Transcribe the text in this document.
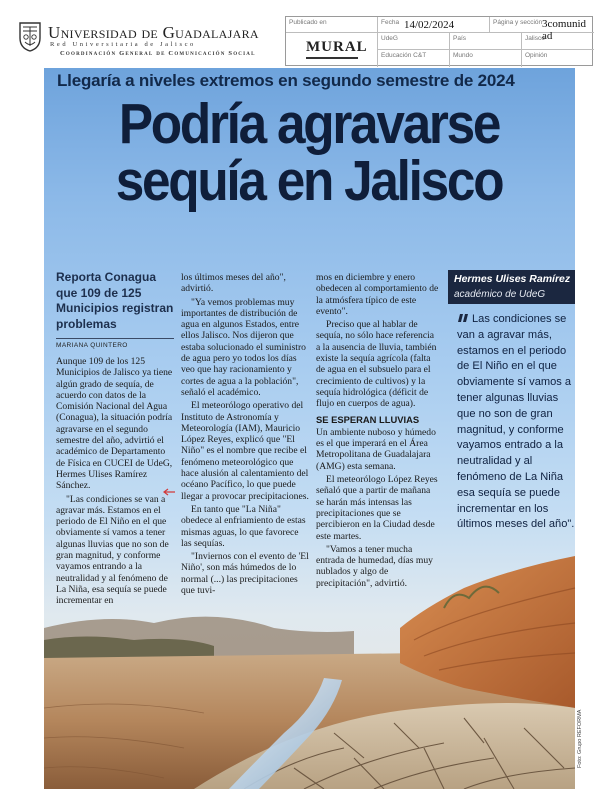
Universidad de Guadalajara
Red Universitaria de Jalisco
Coordinación General de Comunicación Social
Publicado en	Fecha	Página y sección
UdeG	País	Jalisco
Educación C&T	Mundo	Opinión
MURAL
14/02/2024	3comunid
ad
Llegaría a niveles extremos en segundo semestre de 2024
Podría agravarse
sequía en Jalisco
Reporta Conagua que 109 de 125 Municipios registran problemas
MARIANA QUINTERO

Aunque 109 de los 125 Municipios de Jalisco ya tiene algún grado de sequía, de acuerdo con datos de la Comisión Nacional del Agua (Conagua), la situación podría agravarse en el segundo semestre del año, advirtió el académico de Departamento de Física en CUCEI de UdeG, Hermes Ulises Ramírez Sánchez.

"Las condiciones se van a agravar más. Estamos en el periodo de El Niño en el que obviamente sí vamos a tener algunas lluvias que no son de gran magnitud, y conforme vayamos entrando a la neutralidad y al fenómeno de La Niña, esa sequía se puede incrementar en

los últimos meses del año", advirtió.

"Ya vemos problemas muy importantes de distribución de agua en algunos Estados, entre ellos Jalisco. Nos dijeron que estaba solucionado el suministro de agua pero yo todos los días veo que hay racionamiento y cortes de agua a la población", señaló el académico.

El meteorólogo operativo del Instituto de Astronomía y Meteorología (IAM), Mauricio López Reyes, explicó que "El Niño" es el nombre que recibe el fenómeno meteorológico que hace alusión al calentamiento del océano Pacífico, lo que puede llegar a provocar precipitaciones.

En tanto que "La Niña" obedece al enfriamiento de estas mismas aguas, lo que favorece las sequías.

"Inviernos con el evento de 'El Niño', son más húmedos de lo normal (...) las precipitaciones que tuvi-

mos en diciembre y enero obedecen al comportamiento de la atmósfera típico de este evento".

Preciso que al hablar de sequía, no sólo hace referencia a la ausencia de lluvia, también existe la sequía agrícola (falta de agua en el subsuelo para el crecimiento de cultivos) y la sequía hidrológica (déficit de flujo en cuerpos de agua).

SE ESPERAN LLUVIAS

Un ambiente nuboso y húmedo es el que imperará en el Área Metropolitana de Guadalajara (AMG) esta semana.

El meteorólogo López Reyes señaló que a partir de mañana se harán más intensas las precipitaciones que se percibieron en la Ciudad desde este martes.

"Vamos a tener mucha entrada de humedad, días muy nublados y algo de precipitación", advirtió.

Hermes Ulises Ramírez
académico de UdeG
Las condiciones se van a agravar más, estamos en el periodo de El Niño en el que obviamente sí vamos a tener algunas lluvias que no son de gran magnitud, y conforme vayamos entrado a la neutralidad y al fenómeno de La Niña esa sequía se puede incrementar en los últimos meses del año".
Foto: Grupo REFORMA
